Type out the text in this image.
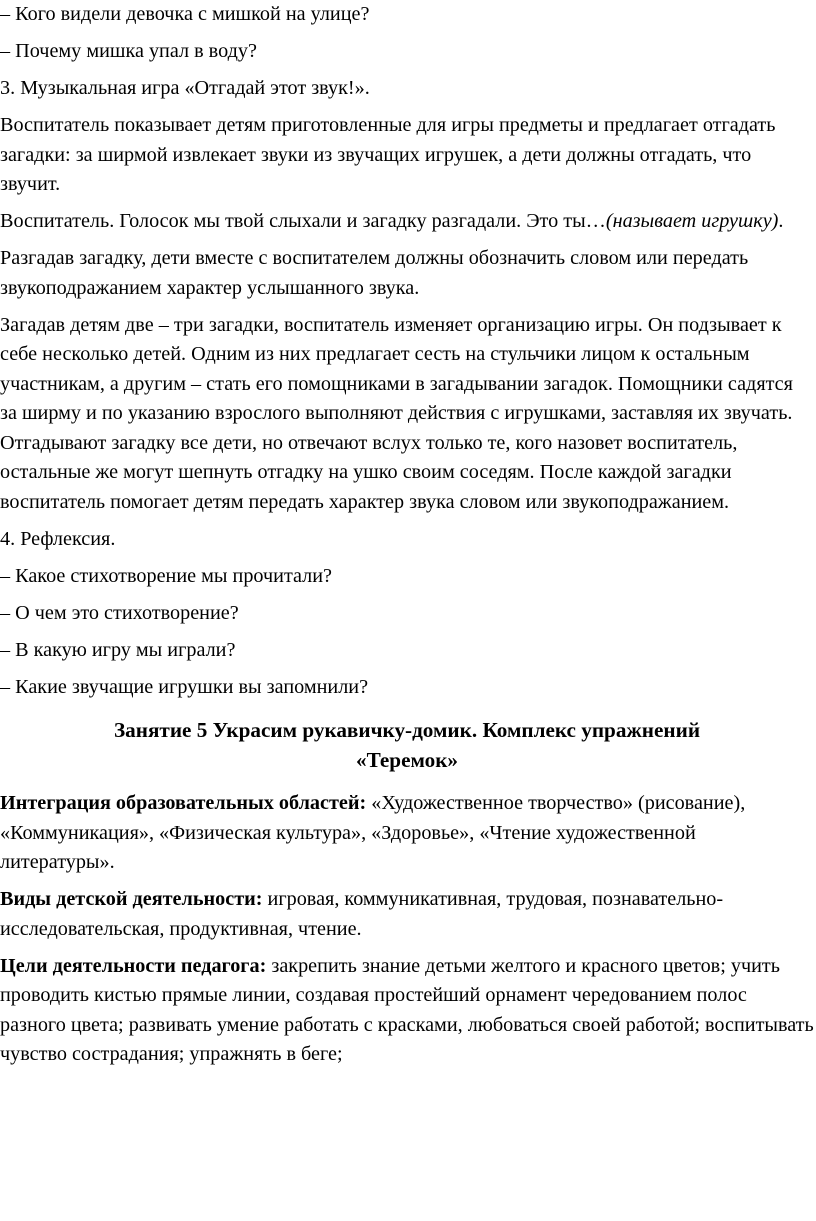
– Кого видели девочка с мишкой на улице?

– Почему мишка упал в воду?

3. Музыкальная игра «Отгадай этот звук!».

Воспитатель показывает детям приготовленные для игры предметы и предлагает отгадать загадки: за ширмой извлекает звуки из звучащих игрушек, а дети должны отгадать, что звучит.

Воспитатель. Голосок мы твой слыхали и загадку разгадали. Это ты…(называет игрушку).

Разгадав загадку, дети вместе с воспитателем должны обозначить словом или передать звукоподражанием характер услышанного звука.

Загадав детям две – три загадки, воспитатель изменяет организацию игры. Он подзывает к себе несколько детей. Одним из них предлагает сесть на стульчики лицом к остальным участникам, а другим – стать его помощниками в загадывании загадок. Помощники садятся за ширму и по указанию взрослого выполняют действия с игрушками, заставляя их звучать. Отгадывают загадку все дети, но отвечают вслух только те, кого назовет воспитатель, остальные же могут шепнуть отгадку на ушко своим соседям. После каждой загадки воспитатель помогает детям передать характер звука словом или звукоподражанием.

4. Рефлексия.

– Какое стихотворение мы прочитали?

– О чем это стихотворение?

– В какую игру мы играли?

– Какие звучащие игрушки вы запомнили?

Занятие 5 Украсим рукавичку-домик. Комплекс упражнений
«Теремок»

Интеграция образовательных областей: «Художественное творчество» (рисование), «Коммуникация», «Физическая культура», «Здоровье», «Чтение художественной литературы».

Виды детской деятельности: игровая, коммуникативная, трудовая, познавательно-исследовательская, продуктивная, чтение.

Цели деятельности педагога: закрепить знание детьми желтого и красного цветов; учить проводить кистью прямые линии, создавая простейший орнамент чередованием полос разного цвета; развивать умение работать с красками, любоваться своей работой; воспитывать чувство сострадания; упражнять в беге;
